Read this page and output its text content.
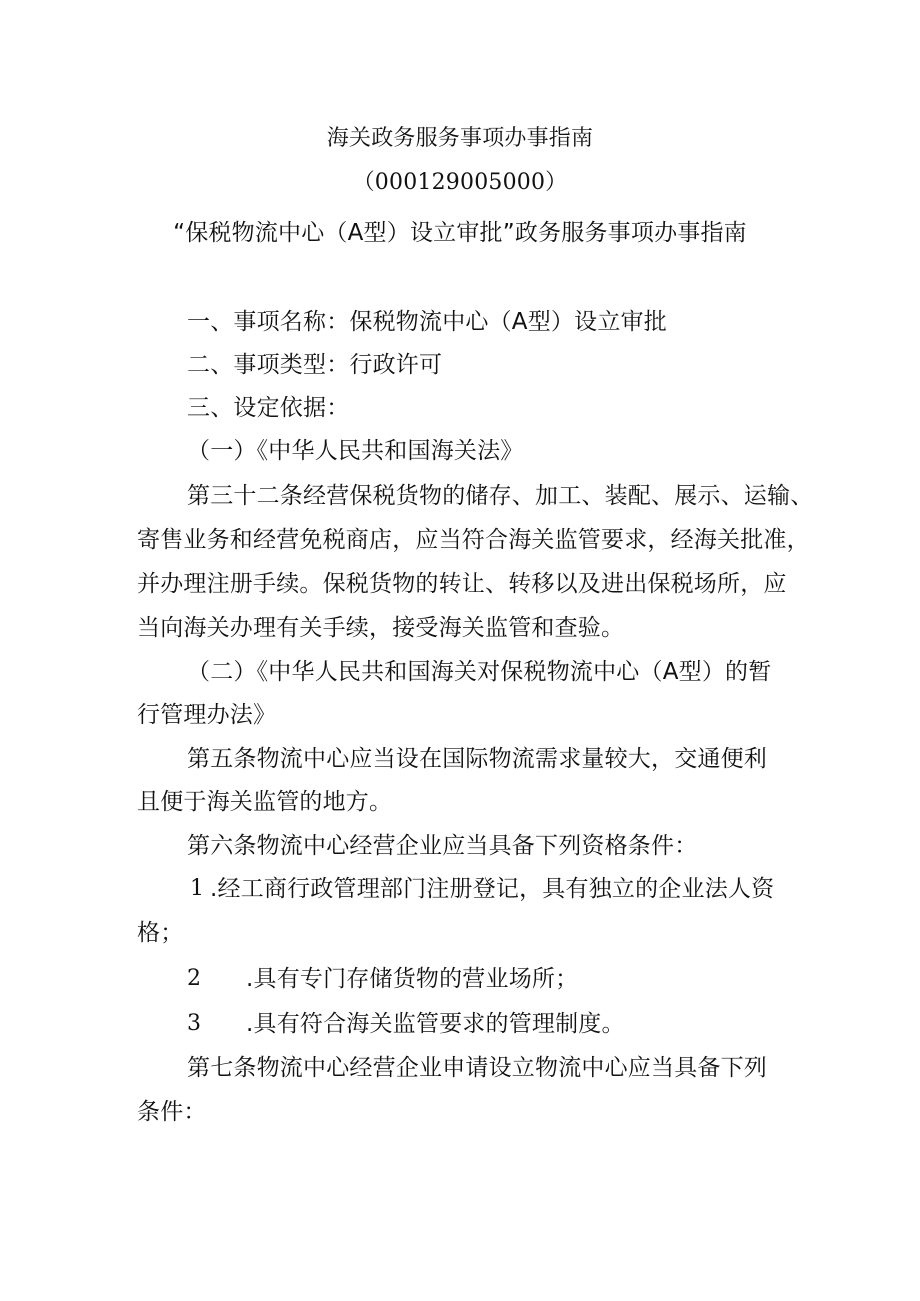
海关政务服务事项办事指南
（000129005000）
“保税物流中心（A型）设立审批”政务服务事项办事指南
一、事项名称：保税物流中心（A型）设立审批
二、事项类型：行政许可
三、设定依据：
（一）《中华人民共和国海关法》
第三十二条经营保税货物的储存、加工、装配、展示、运输、
寄售业务和经营免税商店，应当符合海关监管要求，经海关批准，
并办理注册手续。保税货物的转让、转移以及进出保税场所，应
当向海关办理有关手续，接受海关监管和查验。
（二）《中华人民共和国海关对保税物流中心（A型）的暂
行管理办法》
第五条物流中心应当设在国际物流需求量较大，交通便利
且便于海关监管的地方。
第六条物流中心经营企业应当具备下列资格条件：
1 .经工商行政管理部门注册登记，具有独立的企业法人资
格；
2 .具有专门存储货物的营业场所；
3 .具有符合海关监管要求的管理制度。
第七条物流中心经营企业申请设立物流中心应当具备下列
条件：
